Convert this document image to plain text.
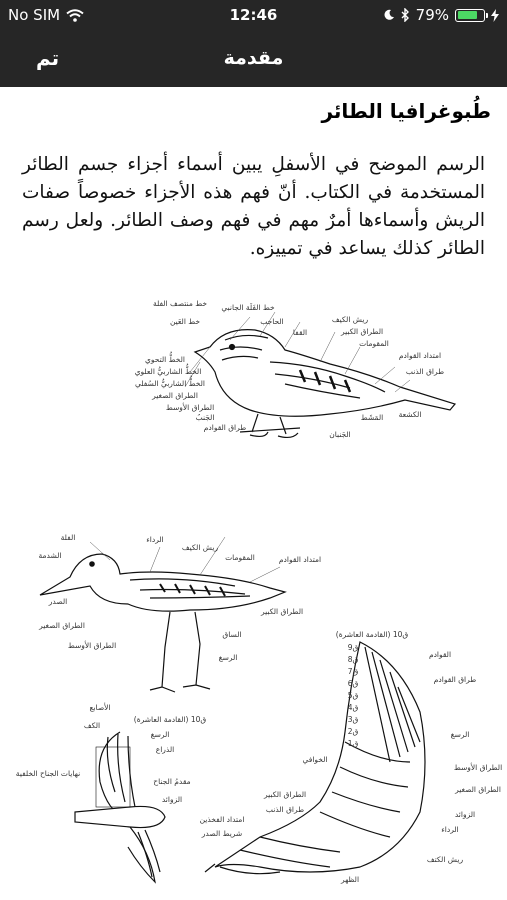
No SIM	12:46	79%
تم	مقدمة
طُبوغرافيا الطائر
الرسم الموضح في الأسفلِ يبين أسماء أجزاء جسم الطائر المستخدمة في الكتاب. أنّ فهم هذه الأجزاء خصوصاً صفات الريش وأسماءها أمرٌ مهم في فهم وصف الطائر. ولعل رسم الطائر كذلك يساعد في تمييزه.
خط الفَلَة الجانبي
خط منتصف الفلة
خط العَين	الحاجب
القفا
ريش الكيف
الطراق الكبير
المقومات
امتداد القوادم
طراق الذنب
الخطُّ التحوي
الخطُّ الشاربيُّ العلوي
الخطُّ الشاربيُّ السُفلي
الطراق الصغير
الطراق الأوسط
الجَنبُ
طراق القوادم
المَشَط الكشعة
الجَنبان
الفلة
الشدمة
الرداء
ريش الكيف
المقومات	امتداد القوادم
الصدر
الطراق الصغير
الطراق الكبير
الطراق الأوسط
الساق
الرسغ
(القادمة العاشرة) ق10
الأصابع
الكف
الرسغ
الذراع
نهايات الجناح الخلفية
مقدمُ الجناح
الزوائد
امتداد الفخذين
شريط الصدر
(القادمة العاشرة) ق10
ق9
ق8
ق7
ق6
ق5
ق4
ق3
ق2
ق1
القوادم
طراق القوادم
الرسغ
الخوافي
الطراق الأوسط
الطراق الصغير
الطراق الكبير
طراق الذنب
الزوائد
الرداء
ريش الكتف
الظهر
